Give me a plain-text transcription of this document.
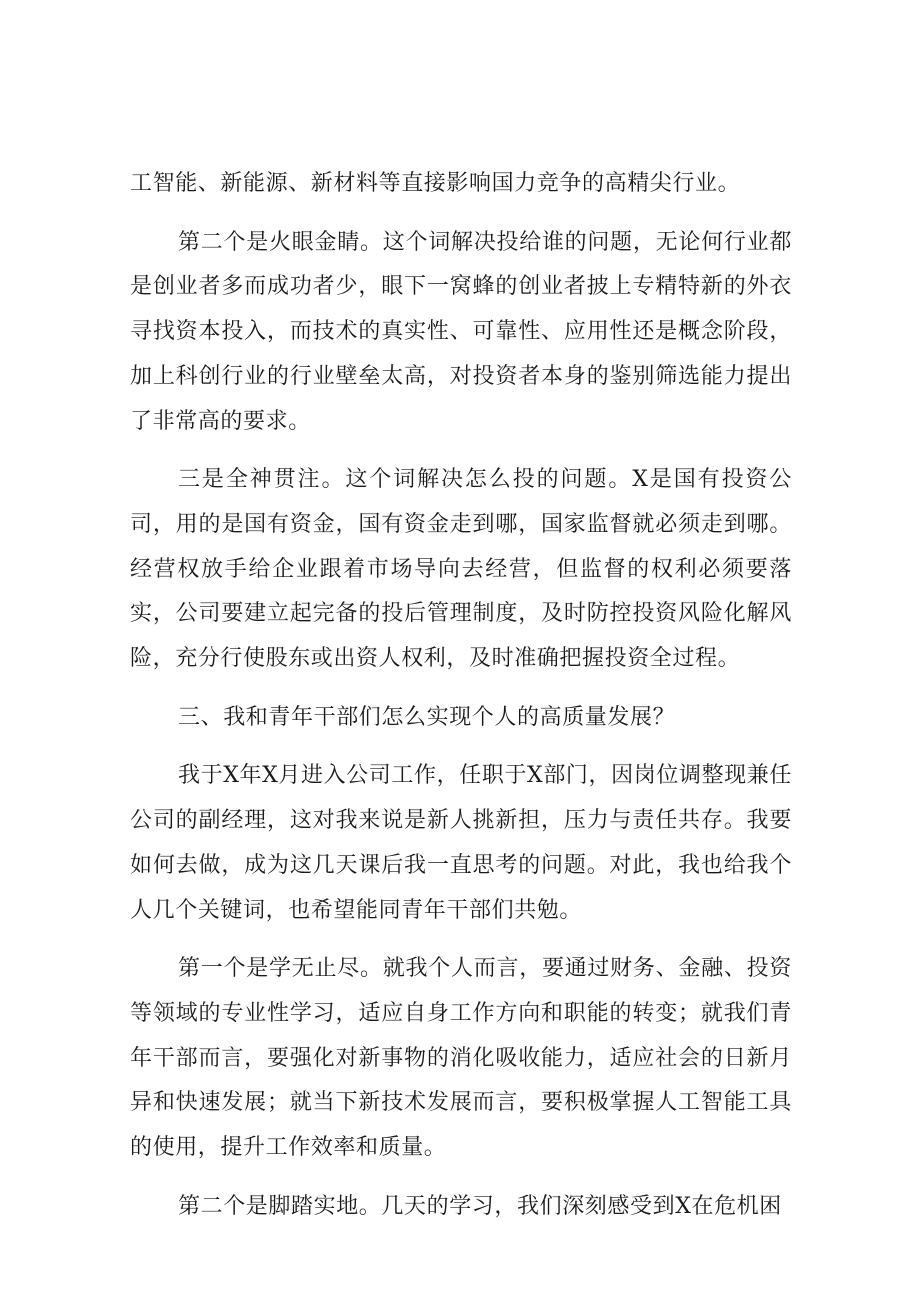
工智能、新能源、新材料等直接影响国力竞争的高精尖行业。

第二个是火眼金睛。这个词解决投给谁的问题，无论何行业都是创业者多而成功者少，眼下一窝蜂的创业者披上专精特新的外衣寻找资本投入，而技术的真实性、可靠性、应用性还是概念阶段，加上科创行业的行业壁垒太高，对投资者本身的鉴别筛选能力提出了非常高的要求。

三是全神贯注。这个词解决怎么投的问题。X是国有投资公司，用的是国有资金，国有资金走到哪，国家监督就必须走到哪。经营权放手给企业跟着市场导向去经营，但监督的权利必须要落实，公司要建立起完备的投后管理制度，及时防控投资风险化解风险，充分行使股东或出资人权利，及时准确把握投资全过程。

三、我和青年干部们怎么实现个人的高质量发展？

我于X年X月进入公司工作，任职于X部门，因岗位调整现兼任公司的副经理，这对我来说是新人挑新担，压力与责任共存。我要如何去做，成为这几天课后我一直思考的问题。对此，我也给我个人几个关键词，也希望能同青年干部们共勉。

第一个是学无止尽。就我个人而言，要通过财务、金融、投资等领域的专业性学习，适应自身工作方向和职能的转变；就我们青年干部而言，要强化对新事物的消化吸收能力，适应社会的日新月异和快速发展；就当下新技术发展而言，要积极掌握人工智能工具的使用，提升工作效率和质量。

第二个是脚踏实地。几天的学习，我们深刻感受到X在危机困
